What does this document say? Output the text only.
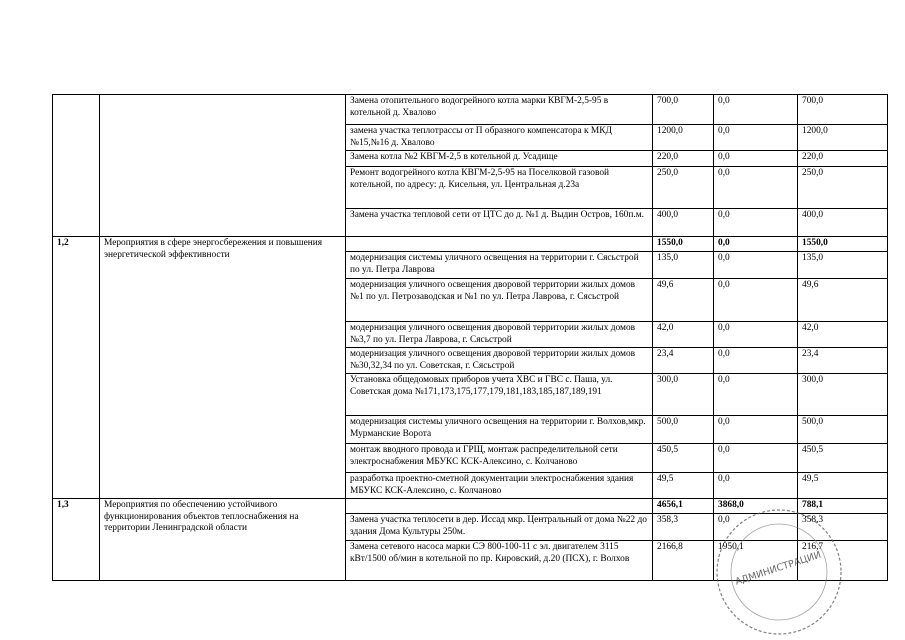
		Замена отопительного водогрейного котла марки КВГМ-2,5-95 в котельной д. Хвалово	700,0	0,0	700,0
		замена участка теплотрассы от П образного компенсатора к МКД №15,№16 д. Хвалово	1200,0	0,0	1200,0
		Замена котла №2 КВГМ-2,5 в котельной д. Усадище	220,0	0,0	220,0
		Ремонт водогрейного котла КВГМ-2,5-95 на Поселковой газовой котельной, по адресу: д. Кисельня, ул. Центральная д.23а	250,0	0,0	250,0
		Замена участка тепловой сети от ЦТС до д. №1 д. Выдин Остров, 160п.м.	400,0	0,0	400,0
1,2	Мероприятия в сфере энергосбережения и повышения энергетической эффективности		1550,0	0,0	1550,0
		модернизация системы уличного освещения на территории г. Сясьстрой по ул. Петра Лаврова	135,0	0,0	135,0
		модернизация уличного освещения дворовой территории жилых домов №1 по ул. Петрозаводская и №1 по ул. Петра Лаврова, г. Сясьстрой	49,6	0,0	49,6
		модернизация уличного освещения дворовой территории жилых домов №3,7 по ул. Петра Лаврова, г. Сясьстрой	42,0	0,0	42,0
		модернизация уличного освещения дворовой территории жилых домов №30,32,34 по ул. Советская, г. Сясьстрой	23,4	0,0	23,4
		Установка общедомовых приборов учета ХВС и ГВС с. Паша, ул. Советская дома №171,173,175,177,179,181,183,185,187,189,191	300,0	0,0	300,0
		модернизация системы уличного освещения на территории г. Волхов,мкр. Мурманские Ворота	500,0	0,0	500,0
		монтаж вводного провода и ГРЩ, монтаж распределительной сети электроснабжения МБУКС КСК-Алексино, с. Колчаново	450,5	0,0	450,5
		разработка проектно-сметной документации электроснабжения здания МБУКС КСК-Алексино, с. Колчаново	49,5	0,0	49,5
1,3	Мероприятия по обеспечению устойчивого функционирования объектов теплоснабжения на территории Ленинградской области		4656,1	3868,0	788,1
		Замена участка теплосети в дер. Иссад мкр. Центральный от дома №22 до здания Дома Культуры 250м.	358,3	0,0	358,3
		Замена сетевого насоса марки СЭ 800-100-11 с эл. двигателем 3115 кВт/1500 об/мин в котельной по пр. Кировский, д.20 (ПСХ), г. Волхов	2166,8	1950,1	216,7
АДМИНИСТРАЦИИ
